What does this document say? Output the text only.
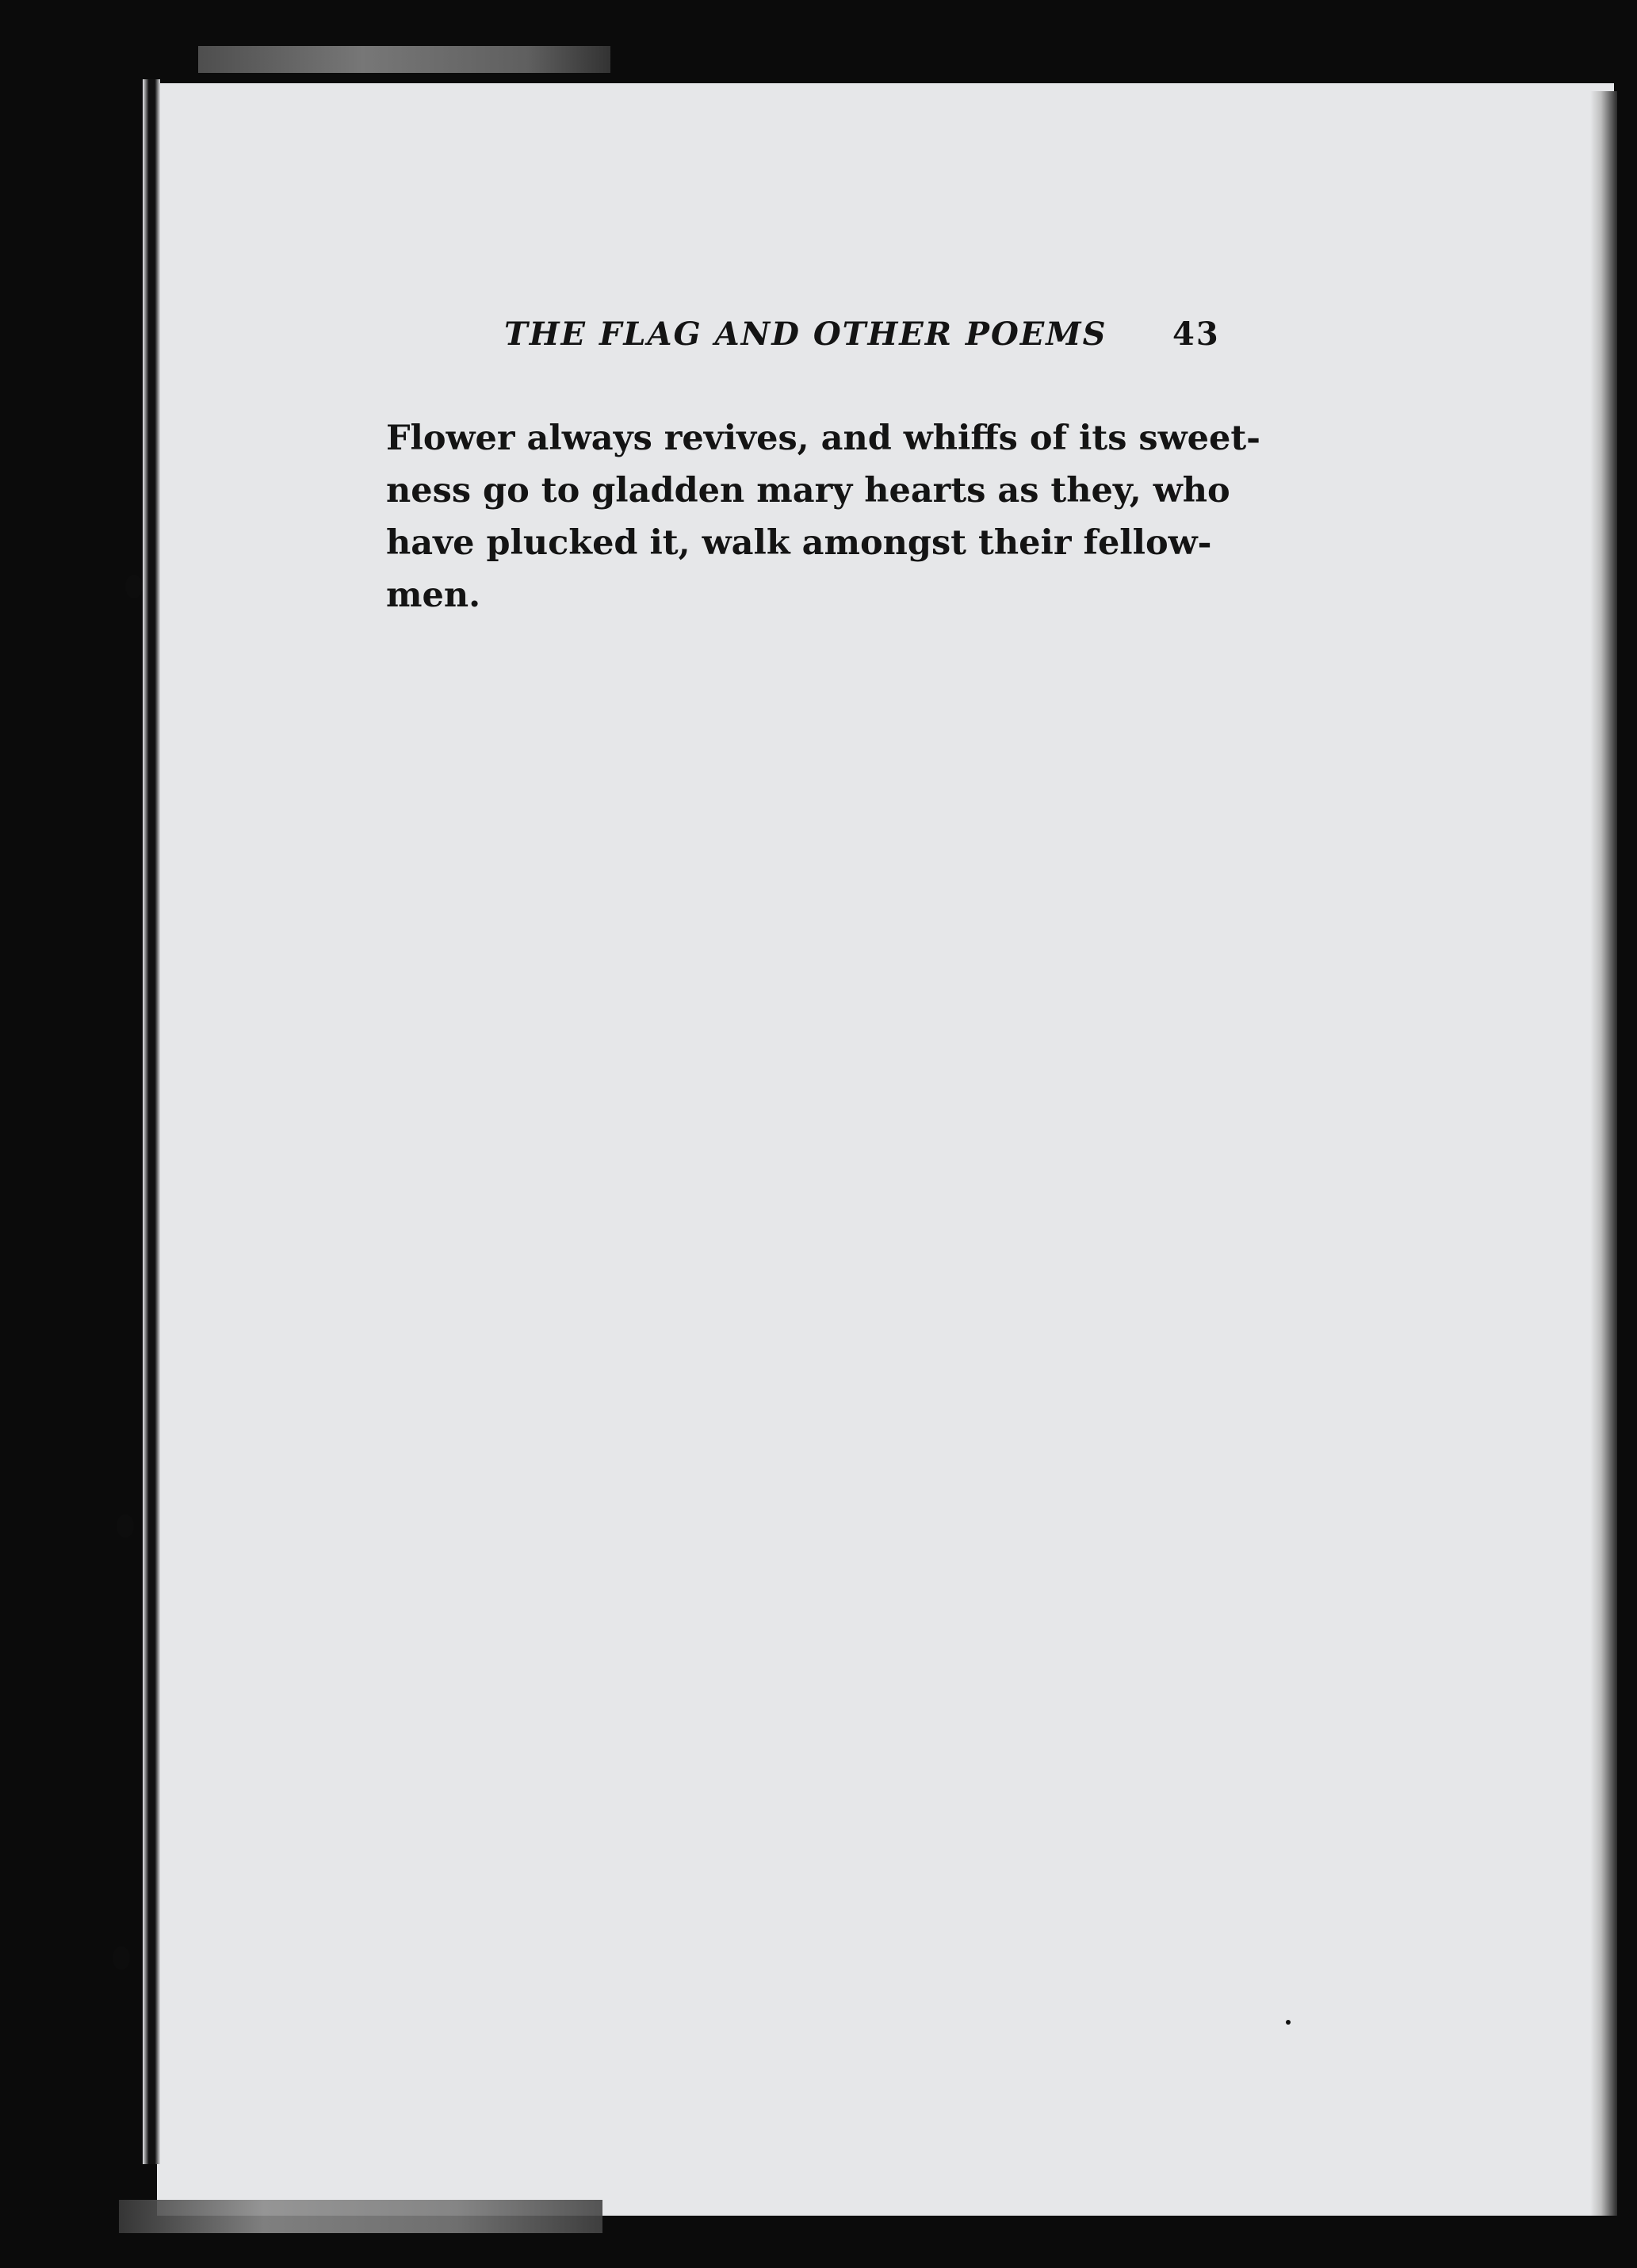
THE FLAG AND OTHER POEMS 43
Flower always revives, and whiffs of its sweet-
ness go to gladden mary hearts as they, who
have plucked it, walk amongst their fellow-
men.
